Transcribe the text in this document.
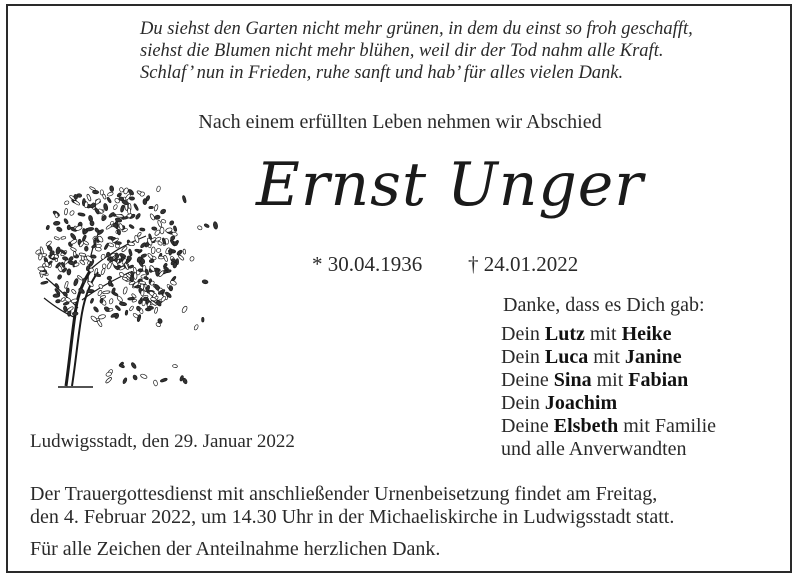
Du siehst den Garten nicht mehr grünen, in dem du einst so froh geschafft,
siehst die Blumen nicht mehr blühen, weil dir der Tod nahm alle Kraft.
Schlaf’ nun in Frieden, ruhe sanft und hab’ für alles vielen Dank.
Nach einem erfüllten Leben nehmen wir Abschied
Ernst Unger
* 30.04.1936 † 24.01.2022
Danke, dass es Dich gab:
Dein Lutz mit Heike
Dein Luca mit Janine
Deine Sina mit Fabian
Dein Joachim
Deine Elsbeth mit Familie
und alle Anverwandten
Ludwigsstadt, den 29. Januar 2022
Der Trauergottesdienst mit anschließender Urnenbeisetzung findet am Freitag,
den 4. Februar 2022, um 14.30 Uhr in der Michaeliskirche in Ludwigsstadt statt.
Für alle Zeichen der Anteilnahme herzlichen Dank.
